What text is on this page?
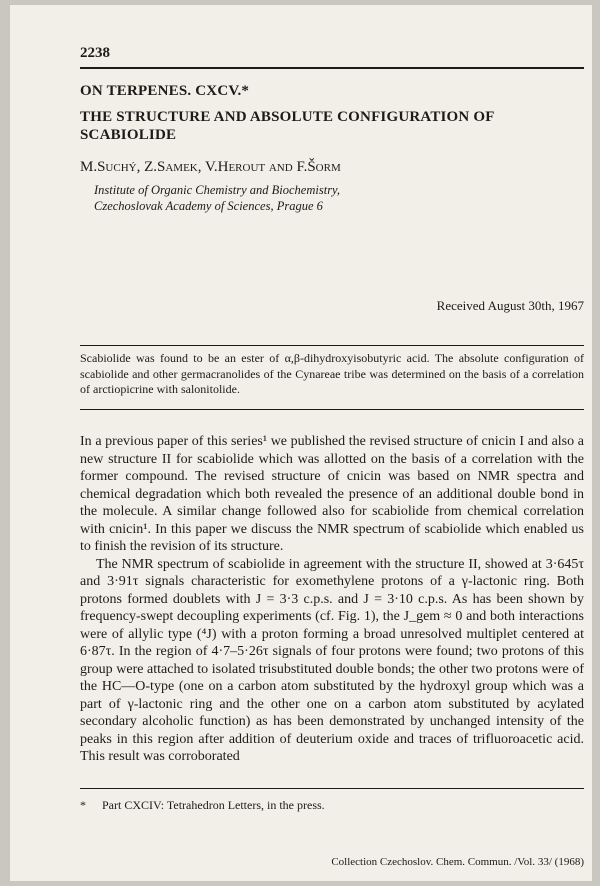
2238
ON TERPENES. CXCV.*
THE STRUCTURE AND ABSOLUTE CONFIGURATION OF SCABIOLIDE
M.Suchý, Z.Samek, V.Herout and F.Šorm
Institute of Organic Chemistry and Biochemistry,
Czechoslovak Academy of Sciences, Prague 6
Received August 30th, 1967
Scabiolide was found to be an ester of α,β-dihydroxyisobutyric acid. The absolute configuration of scabiolide and other germacranolides of the Cynareae tribe was determined on the basis of a correlation of arctiopicrine with salonitolide.

In a previous paper of this series¹ we published the revised structure of cnicin I and also a new structure II for scabiolide which was allotted on the basis of a correlation with the former compound. The revised structure of cnicin was based on NMR spectra and chemical degradation which both revealed the presence of an additional double bond in the molecule. A similar change followed also for scabiolide from chemical correlation with cnicin¹. In this paper we discuss the NMR spectrum of scabiolide which enabled us to finish the revision of its structure.

The NMR spectrum of scabiolide in agreement with the structure II, showed at 3·645τ and 3·91τ signals characteristic for exomethylene protons of a γ-lactonic ring. Both protons formed doublets with J = 3·3 c.p.s. and J = 3·10 c.p.s. As has been shown by frequency-swept decoupling experiments (cf. Fig. 1), the J_gem ≈ 0 and both interactions were of allylic type (⁴J) with a proton forming a broad unresolved multiplet centered at 6·87τ. In the region of 4·7–5·26τ signals of four protons were found; two protons of this group were attached to isolated trisubstituted double bonds; the other two protons were of the HC—O-type (one on a carbon atom substituted by the hydroxyl group which was a part of γ-lactonic ring and the other one on a carbon atom substituted by acylated secondary alcoholic function) as has been demonstrated by unchanged intensity of the peaks in this region after addition of deuterium oxide and traces of trifluoroacetic acid. This result was corroborated

* Part CXCIV: Tetrahedron Letters, in the press.
Collection Czechoslov. Chem. Commun. /Vol. 33/ (1968)
